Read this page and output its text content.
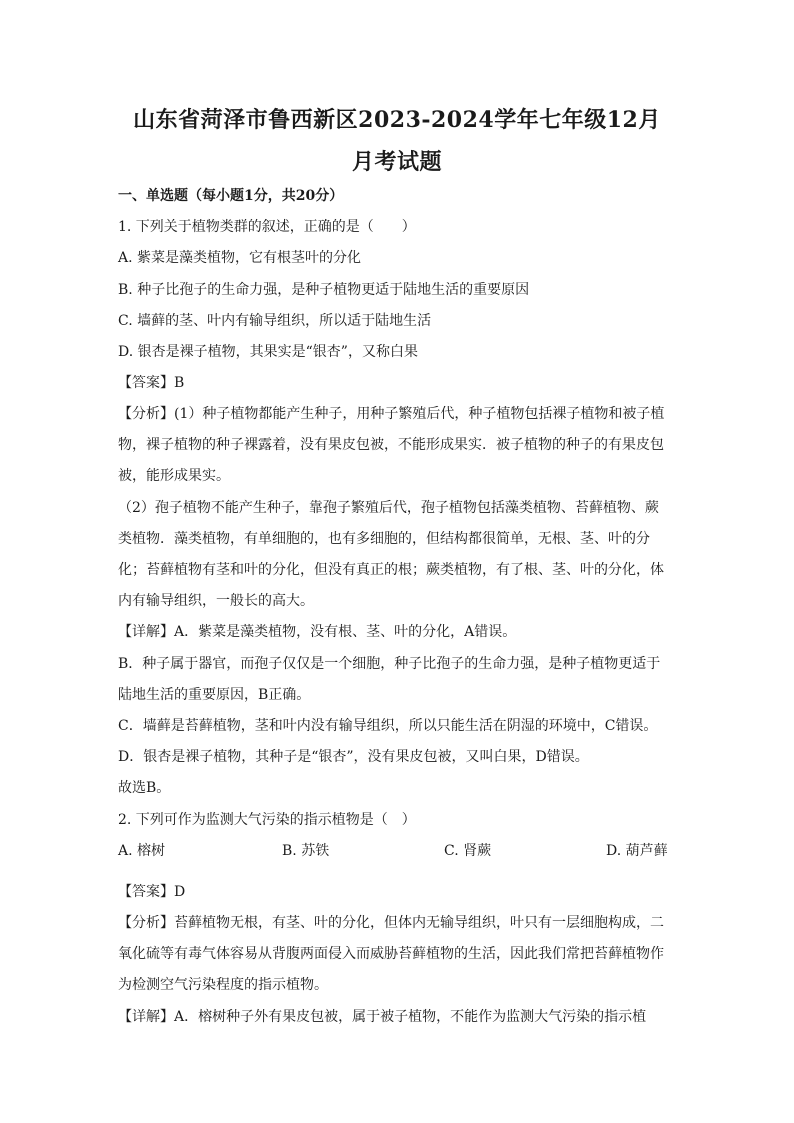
山东省菏泽市鲁西新区2023-2024学年七年级12月
月考试题
一、单选题（每小题1分，共20分）
1. 下列关于植物类群的叙述，正确的是（　　）
A. 紫菜是藻类植物，它有根茎叶的分化
B. 种子比孢子的生命力强，是种子植物更适于陆地生活的重要原因
C. 墙藓的茎、叶内有输导组织，所以适于陆地生活
D. 银杏是裸子植物，其果实是“银杏”，又称白果
【答案】B
【分析】(1）种子植物都能产生种子，用种子繁殖后代，种子植物包括裸子植物和被子植
物，裸子植物的种子裸露着，没有果皮包被，不能形成果实．被子植物的种子的有果皮包
被，能形成果实。
（2）孢子植物不能产生种子，靠孢子繁殖后代，孢子植物包括藻类植物、苔藓植物、蕨
类植物．藻类植物，有单细胞的，也有多细胞的，但结构都很简单，无根、茎、叶的分
化；苔藓植物有茎和叶的分化，但没有真正的根；蕨类植物，有了根、茎、叶的分化，体
内有输导组织，一般长的高大。
【详解】A．紫菜是藻类植物，没有根、茎、叶的分化，A错误。
B．种子属于器官，而孢子仅仅是一个细胞，种子比孢子的生命力强，是种子植物更适于
陆地生活的重要原因，B正确。
C．墙藓是苔藓植物，茎和叶内没有输导组织，所以只能生活在阴湿的环境中，C错误。
D．银杏是裸子植物，其种子是“银杏”，没有果皮包被，又叫白果，D错误。
故选B。
2. 下列可作为监测大气污染的指示植物是（　）
A. 榕树	B. 苏铁	C. 肾蕨	D. 葫芦藓
【答案】D
【分析】苔藓植物无根，有茎、叶的分化，但体内无输导组织，叶只有一层细胞构成，二
氧化硫等有毒气体容易从背腹两面侵入而威胁苔藓植物的生活，因此我们常把苔藓植物作
为检测空气污染程度的指示植物。
【详解】A．榕树种子外有果皮包被，属于被子植物，不能作为监测大气污染的指示植
